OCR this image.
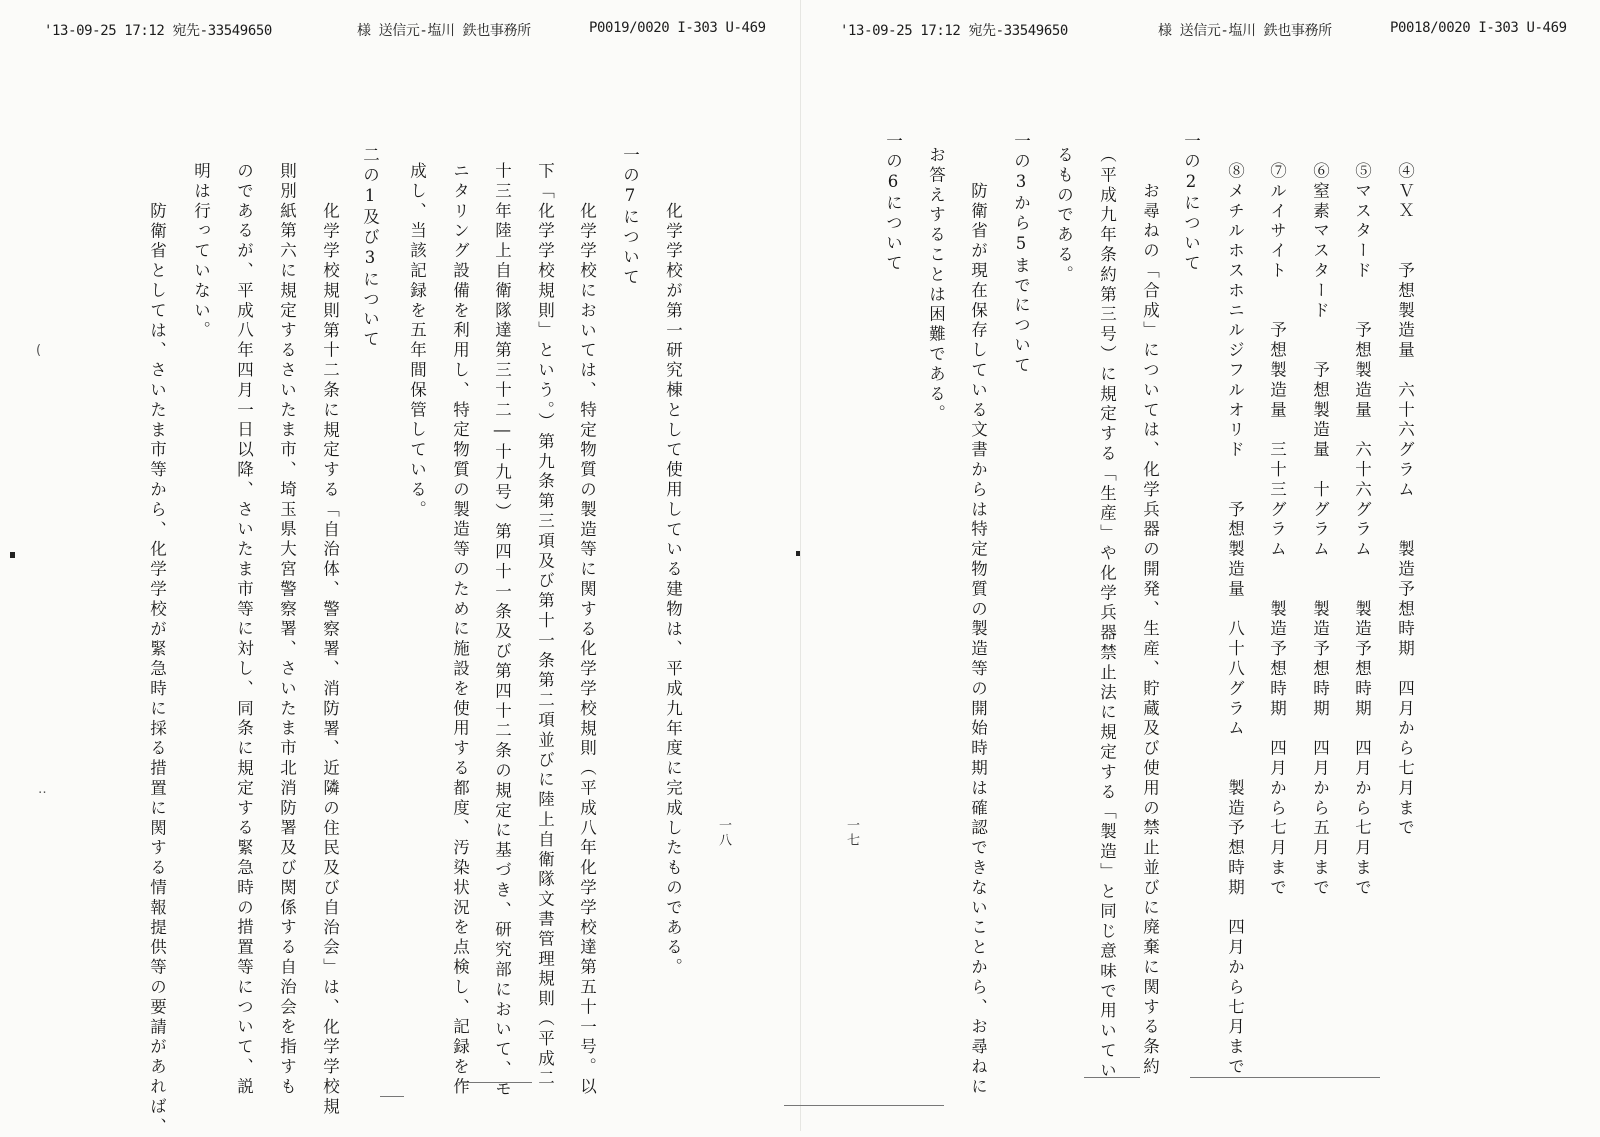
'13-09-25 17:12 宛先-33549650	様 送信元-塩川 鉄也事務所	P0019/0020 I-303 U-469	'13-09-25 17:12 宛先-33549650	様 送信元-塩川 鉄也事務所	P0018/0020 I-303 U-469
　化学学校が第一研究棟として使用している建物は、平成九年度に完成したものである。
一の7について
　化学学校においては、特定物質の製造等に関する化学学校規則（平成八年化学学校達第五十一号。以
下「化学学校規則」という。）第九条第三項及び第十一条第二項並びに陸上自衛隊文書管理規則（平成二
十三年陸上自衛隊達第三十二―十九号）第四十一条及び第四十二条の規定に基づき、研究部において、モ
ニタリング設備を利用し、特定物質の製造等のために施設を使用する都度、汚染状況を点検し、記録を作
成し、当該記録を五年間保管している。
二の1及び3について
　化学学校規則第十二条に規定する「自治体、警察署、消防署、近隣の住民及び自治会」は、化学学校規
則別紙第六に規定するさいたま市、埼玉県大宮警察署、さいたま市北消防署及び関係する自治会を指すも
のであるが、平成八年四月一日以降、さいたま市等に対し、同条に規定する緊急時の措置等について、説
明は行っていない。
　防衛省としては、さいたま市等から、化学学校が緊急時に採る措置に関する情報提供等の要請があれば、	一八
(
‥	④ＶＸ　　予想製造量　六十六グラム　　製造予想時期　四月から七月まで
⑤マスタード　　予想製造量　六十六グラム　　製造予想時期　四月から七月まで
⑥窒素マスタード　　予想製造量　十グラム　　製造予想時期　四月から五月まで
⑦ルイサイト　　予想製造量　三十三グラム　　製造予想時期　四月から七月まで
⑧メチルホスホニルジフルオリド　　予想製造量　八十八グラム　　製造予想時期　四月から七月まで
一の2について
　お尋ねの「合成」については、化学兵器の開発、生産、貯蔵及び使用の禁止並びに廃棄に関する条約
（平成九年条約第三号）に規定する「生産」や化学兵器禁止法に規定する「製造」と同じ意味で用いてい
るものである。
一の3から5までについて
　防衛省が現在保存している文書からは特定物質の製造等の開始時期は確認できないことから、お尋ねに
お答えすることは困難である。
一の6について
一七
